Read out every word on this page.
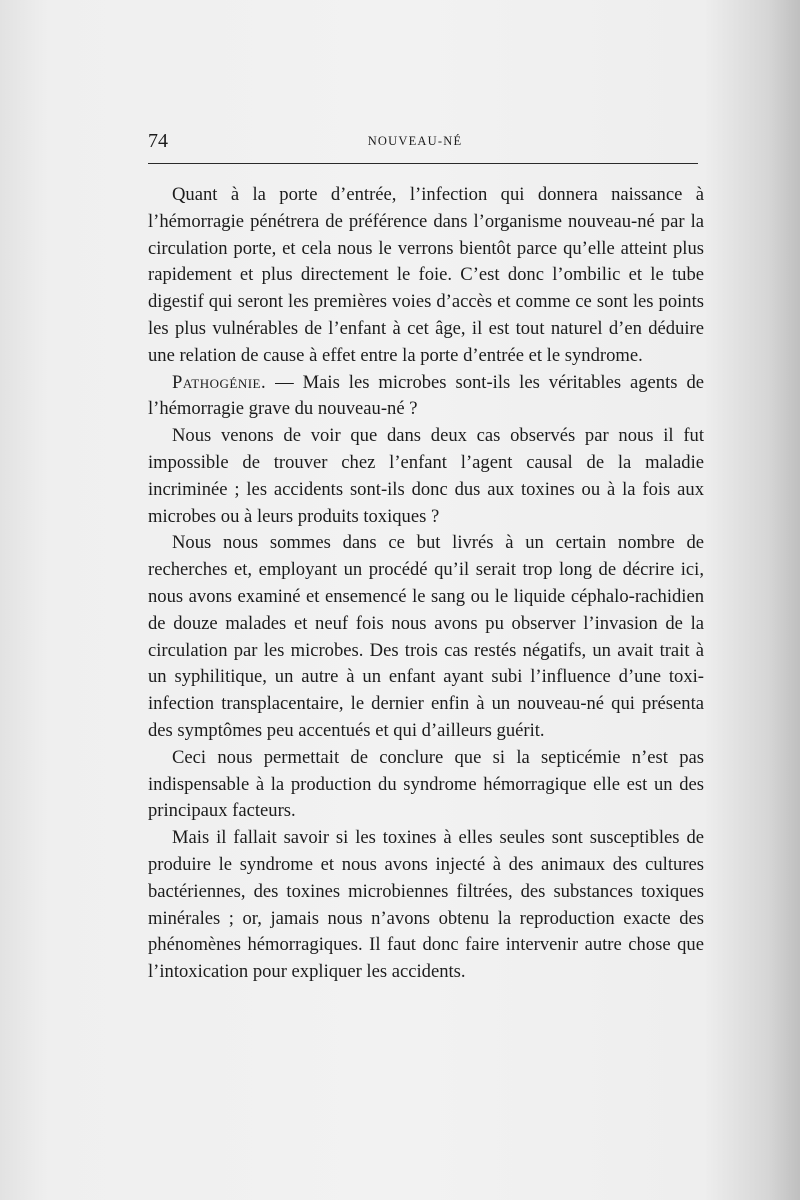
74	NOUVEAU-NÉ

Quant à la porte d’entrée, l’infection qui donnera naissance à l’hémorragie pénétrera de préférence dans l’organisme nouveau-né par la circulation porte, et cela nous le verrons bientôt parce qu’elle atteint plus rapidement et plus directement le foie. C’est donc l’ombilic et le tube digestif qui seront les premières voies d’accès et comme ce sont les points les plus vulnérables de l’enfant à cet âge, il est tout naturel d’en déduire une relation de cause à effet entre la porte d’entrée et le syndrome.

Pathogénie. — Mais les microbes sont-ils les véritables agents de l’hémorragie grave du nouveau-né ?

Nous venons de voir que dans deux cas observés par nous il fut impossible de trouver chez l’enfant l’agent causal de la maladie incriminée ; les accidents sont-ils donc dus aux toxines ou à la fois aux microbes ou à leurs produits toxiques ?

Nous nous sommes dans ce but livrés à un certain nombre de recherches et, employant un procédé qu’il serait trop long de décrire ici, nous avons examiné et ensemencé le sang ou le liquide céphalo-rachidien de douze malades et neuf fois nous avons pu observer l’invasion de la circulation par les microbes. Des trois cas restés négatifs, un avait trait à un syphilitique, un autre à un enfant ayant subi l’influence d’une toxi-infection transplacentaire, le dernier enfin à un nouveau-né qui présenta des symptômes peu accentués et qui d’ailleurs guérit.

Ceci nous permettait de conclure que si la septicémie n’est pas indispensable à la production du syndrome hémorragique elle est un des principaux facteurs.

Mais il fallait savoir si les toxines à elles seules sont susceptibles de produire le syndrome et nous avons injecté à des animaux des cultures bactériennes, des toxines microbiennes filtrées, des substances toxiques minérales ; or, jamais nous n’avons obtenu la reproduction exacte des phénomènes hémorragiques. Il faut donc faire intervenir autre chose que l’intoxication pour expliquer les accidents.
